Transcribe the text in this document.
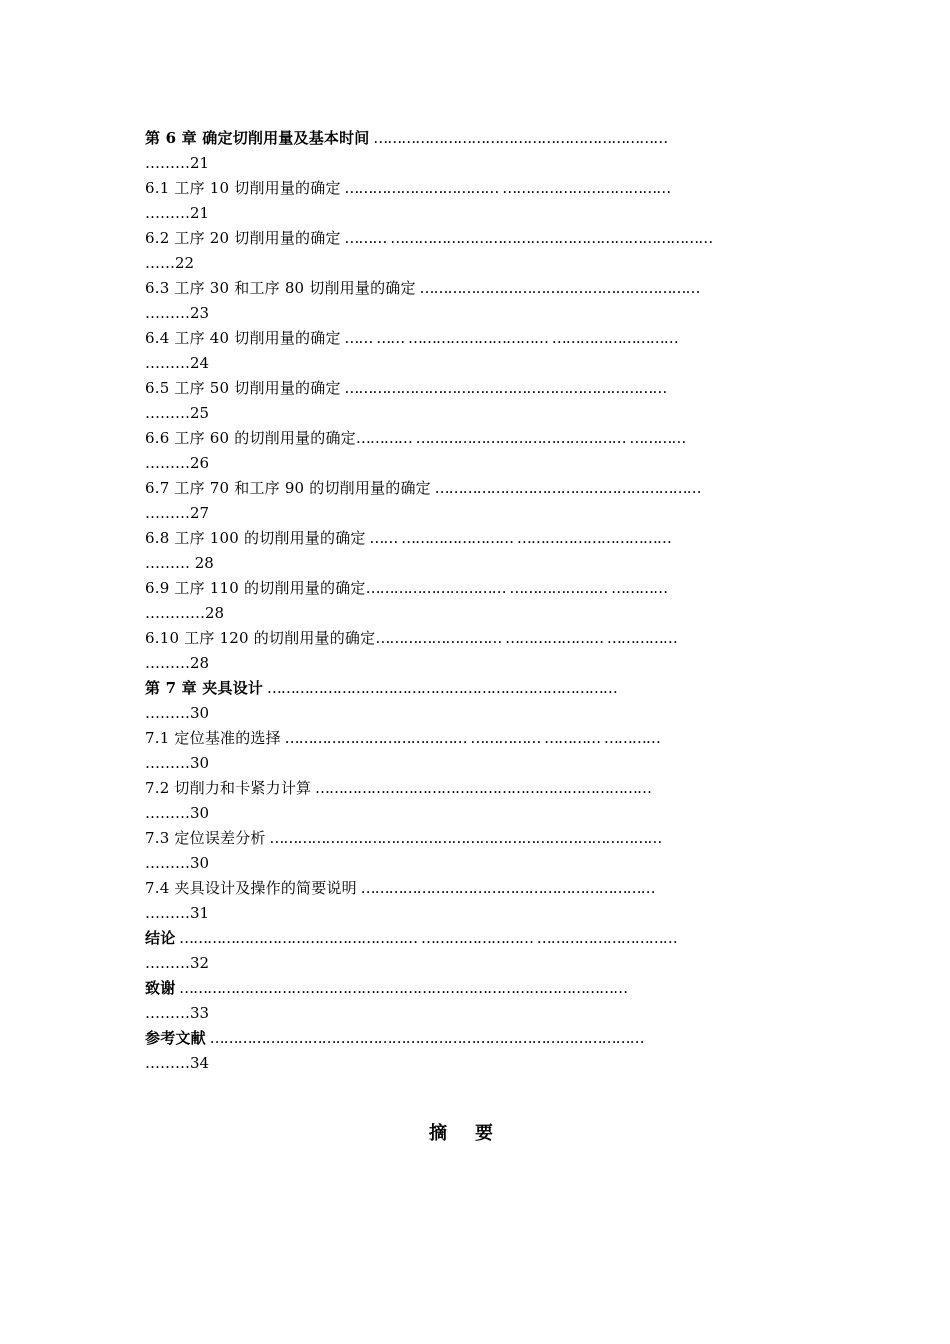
第 6 章 确定切削用量及基本时间 ………………………………………………………
………21
6.1 工序 10 切削用量的确定 …………………………… ………………………………
………21
6.2 工序 20 切削用量的确定 ……… ……………………………………………………………
……22
6.3 工序 30 和工序 80 切削用量的确定 ……………………………………………………
………23
6.4 工序 40 切削用量的确定 …… …… ………………………… ………………………
………24
6.5 工序 50 切削用量的确定 ……………………………………………………………
………25
6.6 工序 60 的切削用量的确定………… ……………………………………… …………
………26
6.7 工序 70 和工序 90 的切削用量的确定 …………………………………………………
………27
6.8 工序 100 的切削用量的确定 …… …………………… ……………………………
……… 28
6.9 工序 110 的切削用量的确定………………………… ………………… …………
…………28
6.10 工序 120 的切削用量的确定……………………… ………………… ……………
………28
第 7 章 夹具设计 …………………………………………………………………
………30
7.1 定位基准的选择 ………………………………… …………… ………… …………
………30
7.2 切削力和卡紧力计算 ………………………………………………………………
………30
7.3 定位误差分析 …………………………………………………………………………
………30
7.4 夹具设计及操作的简要说明 ………………………………………………………
………31
结论 …………………………………………… …………………… …………………………
………32
致谢 ……………………………………………………………………………………
………33
参考文献 …………………………………………………………………………………
………34
摘要
